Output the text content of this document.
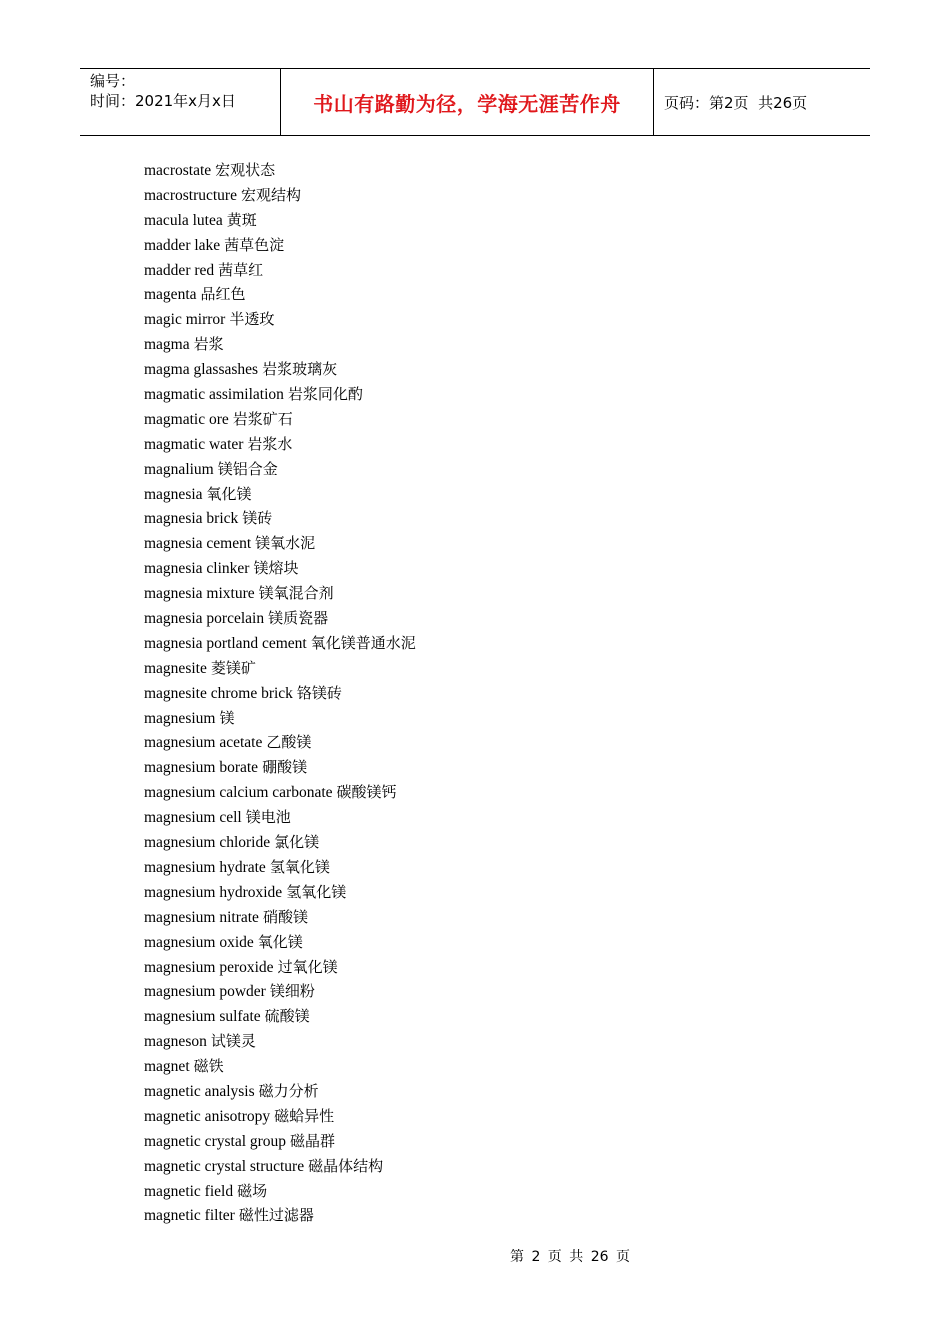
编号：
时间：2021年x月x日	书山有路勤为径，学海无涯苦作舟	页码：第2页  共26页
macrostate 宏观状态
macrostructure 宏观结构
macula lutea 黄斑
madder lake 茜草色淀
madder red 茜草红
magenta 品红色
magic mirror 半透玫
magma 岩浆
magma glassashes 岩浆玻璃灰
magmatic assimilation 岩浆同化酌
magmatic ore 岩浆矿石
magmatic water 岩浆水
magnalium 镁铝合金
magnesia 氧化镁
magnesia brick 镁砖
magnesia cement 镁氧水泥
magnesia clinker 镁熔块
magnesia mixture 镁氧混合剂
magnesia porcelain 镁质瓷器
magnesia portland cement 氧化镁普通水泥
magnesite 菱镁矿
magnesite chrome brick 铬镁砖
magnesium 镁
magnesium acetate 乙酸镁
magnesium borate 硼酸镁
magnesium calcium carbonate 碳酸镁钙
magnesium cell 镁电池
magnesium chloride 氯化镁
magnesium hydrate 氢氧化镁
magnesium hydroxide 氢氧化镁
magnesium nitrate 硝酸镁
magnesium oxide 氧化镁
magnesium peroxide 过氧化镁
magnesium powder 镁细粉
magnesium sulfate 硫酸镁
magneson 试镁灵
magnet 磁铁
magnetic analysis 磁力分析
magnetic anisotropy 磁蛤异性
magnetic crystal group 磁晶群
magnetic crystal structure 磁晶体结构
magnetic field 磁场
magnetic filter 磁性过滤器
第 2 页 共 26 页
